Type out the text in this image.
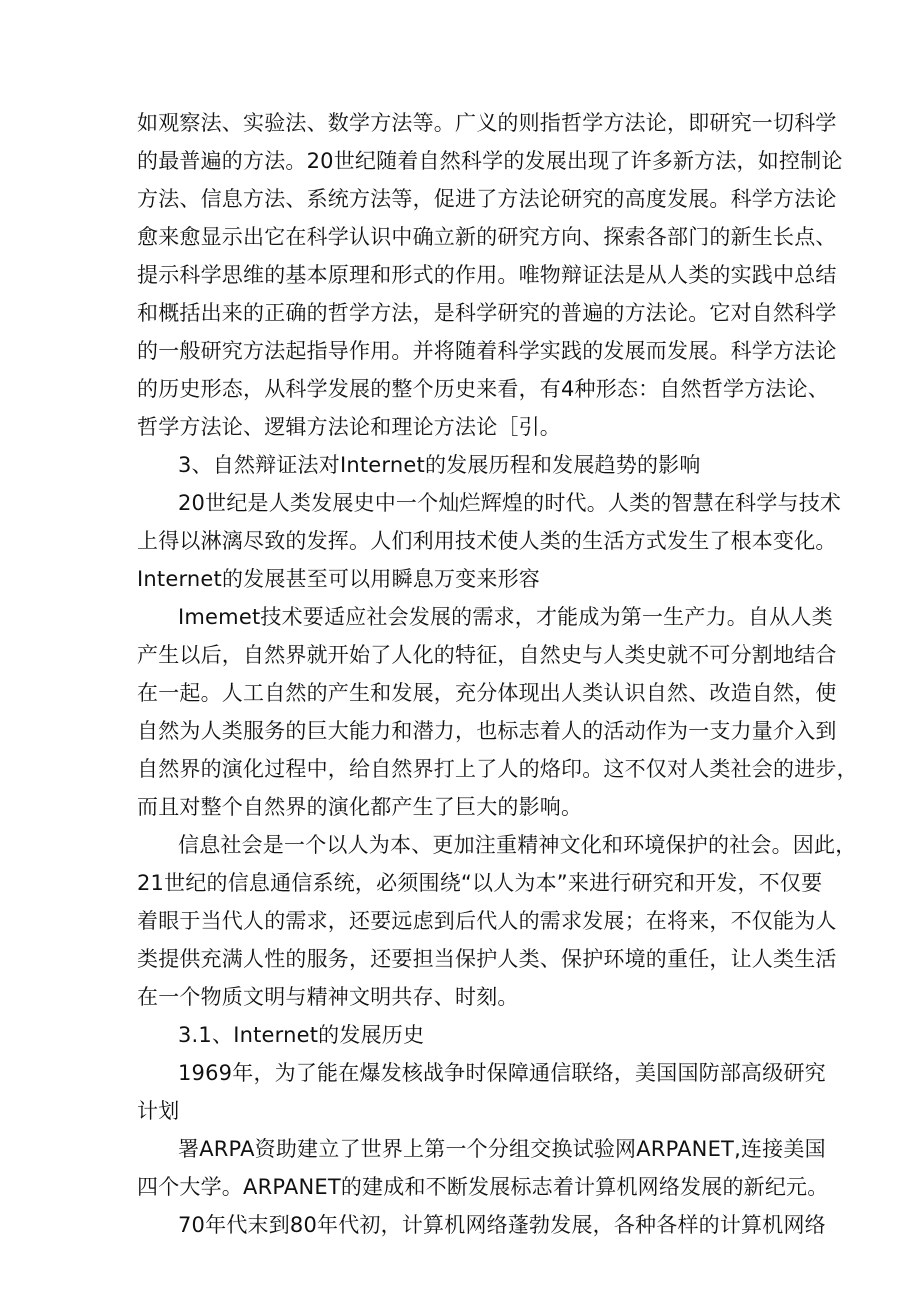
如观察法、实验法、数学方法等。广义的则指哲学方法论，即研究一切科学
的最普遍的方法。20世纪随着自然科学的发展出现了许多新方法，如控制论
方法、信息方法、系统方法等，促进了方法论研究的高度发展。科学方法论
愈来愈显示出它在科学认识中确立新的研究方向、探索各部门的新生长点、
提示科学思维的基本原理和形式的作用。唯物辩证法是从人类的实践中总结
和概括出来的正确的哲学方法，是科学研究的普遍的方法论。它对自然科学
的一般研究方法起指导作用。并将随着科学实践的发展而发展。科学方法论
的历史形态，从科学发展的整个历史来看，有4种形态：自然哲学方法论、
哲学方法论、逻辑方法论和理论方法论［引。
3、自然辩证法对Internet的发展历程和发展趋势的影响
20世纪是人类发展史中一个灿烂辉煌的时代。人类的智慧在科学与技术
上得以淋漓尽致的发挥。人们利用技术使人类的生活方式发生了根本变化。
Internet的发展甚至可以用瞬息万变来形容
Imemet技术要适应社会发展的需求，才能成为第一生产力。自从人类
产生以后，自然界就开始了人化的特征，自然史与人类史就不可分割地结合
在一起。人工自然的产生和发展，充分体现出人类认识自然、改造自然，使
自然为人类服务的巨大能力和潜力，也标志着人的活动作为一支力量介入到
自然界的演化过程中，给自然界打上了人的烙印。这不仅对人类社会的进步，
而且对整个自然界的演化都产生了巨大的影响。
信息社会是一个以人为本、更加注重精神文化和环境保护的社会。因此，
21世纪的信息通信系统，必须围绕“以人为本”来进行研究和开发，不仅要
着眼于当代人的需求，还要远虑到后代人的需求发展；在将来，不仅能为人
类提供充满人性的服务，还要担当保护人类、保护环境的重任，让人类生活
在一个物质文明与精神文明共存、时刻。
3.1、Internet的发展历史
1969年，为了能在爆发核战争时保障通信联络，美国国防部高级研究
计划
署ARPA资助建立了世界上第一个分组交换试验网ARPANET,连接美国
四个大学。ARPANET的建成和不断发展标志着计算机网络发展的新纪元。
70年代末到80年代初，计算机网络蓬勃发展，各种各样的计算机网络
